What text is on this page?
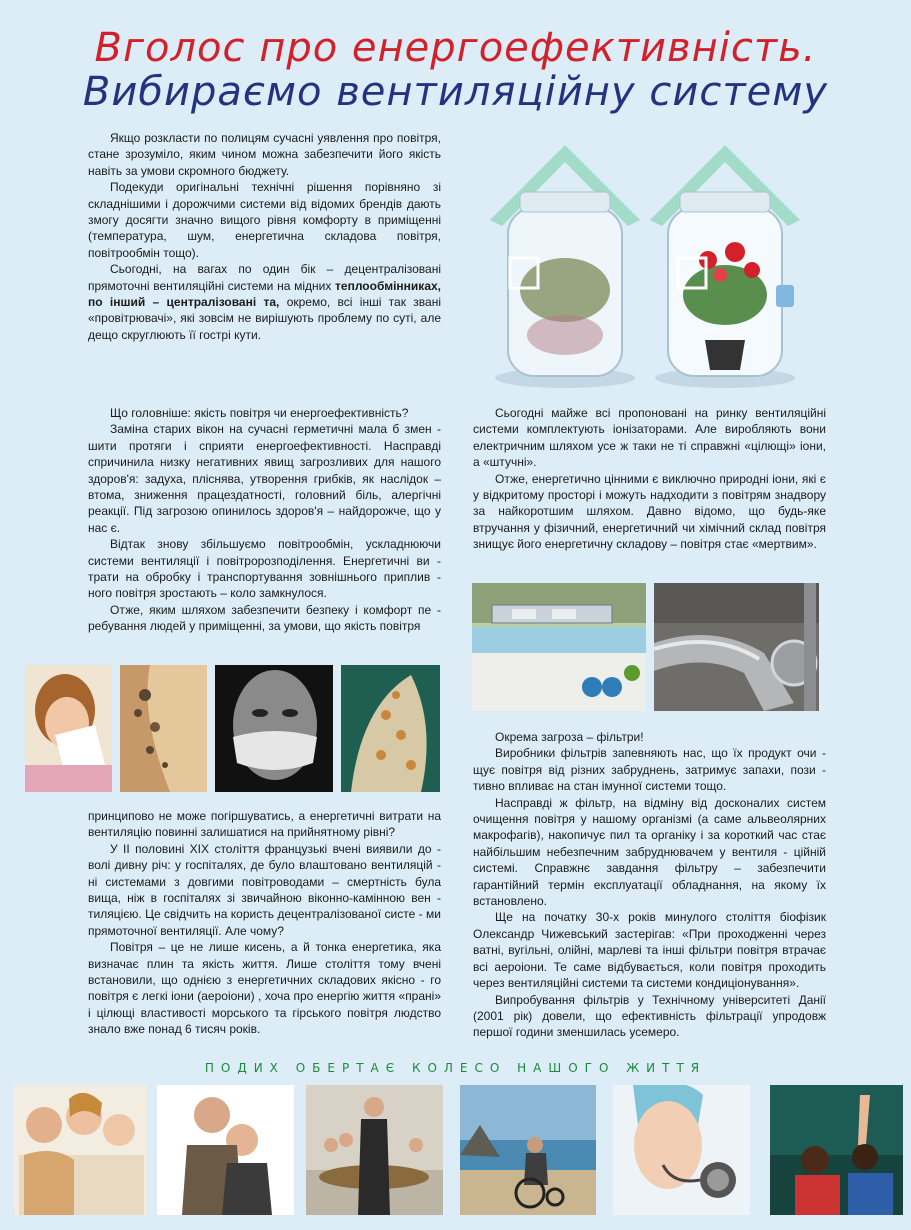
Вголос про енергоефективність.
Вибираємо вентиляційну систему

Якщо розкласти по полицям сучасні уявлення про повітря, стане зрозуміло, яким чином можна забезпечити його якість навіть за умови скромного бюджету.

Подекуди оригінальні технічні рішення порівняно зі складнішими і дорожчими системи від відомих брендів дають змогу досягти значно вищого рівня комфорту в приміщенні (температура, шум, енергетична складова повітря, повітрообмін тощо).

Сьогодні, на вагах по один бік – децентралізовані прямоточні вентиляційні системи на мідних теплообмінниках, по інший – централізовані та, окремо, всі інші так звані «провітрювачі», які зовсім не вирішують проблему по суті, але дещо скруглюють її гострі кути.

Що головніше: якість повітря чи енергоефективність?

Заміна старих вікон на сучасні герметичні мала б змен - шити протяги і сприяти енергоефективності. Насправді спричинила низку негативних явищ загрозливих для нашого здоров'я: задуха, пліснява, утворення грибків, як наслідок – втома, зниження працездатності, головний біль, алергічні реакції. Під загрозою опинилось здоров'я – найдорожче, що у нас є.

Відтак знову збільшуємо повітрообмін, ускладнюючи системи вентиляції і повітророзподілення. Енергетичні ви - трати на обробку і транспортування зовнішнього приплив - ного повітря зростають – коло замкнулося.

Отже, яким шляхом забезпечити безпеку і комфорт пе - ребування людей у приміщенні, за умови, що якість повітря

Сьогодні майже всі пропоновані на ринку вентиляційні системи комплектують іонізаторами. Але виробляють вони електричним шляхом усе ж таки не ті справжні «цілющі» іони, а «штучні».

Отже, енергетично цінними є виключно природні іони, які є у відкритому просторі і можуть надходити з повітрям знадвору за найкоротшим шляхом. Давно відомо, що будь-яке втручання у фізичний, енергетичний чи хімічний склад повітря знищує його енергетичну складову – повітря стає «мертвим».

принципово не може погіршуватись, а енергетичні витрати на вентиляцію повинні залишатися на прийнятному рівні?

У ІІ половині ХІХ століття французькі вчені виявили до - волі дивну річ: у госпіталях, де було влаштовано вентиляцій - ні системами з довгими повітроводами – смертність була вища, ніж в госпіталях зі звичайною віконно-камінною вен - тиляцією. Це свідчить на користь децентралізованої систе - ми прямоточної вентиляції. Але чому?

Повітря – це не лише кисень, а й тонка енергетика, яка визначає плин та якість життя. Лише століття тому вчені встановили, що однією з енергетичних складових якісно - го повітря є легкі іони (аероіони) , хоча про енергію життя «прані» і цілющі властивості морського та гірського повітря людство знало вже понад 6 тисяч років.

Окрема загроза – фільтри!

Виробники фільтрів запевняють нас, що їх продукт очи - щує повітря від різних забруднень, затримує запахи, пози - тивно впливає на стан імунної системи тощо.

Насправді ж фільтр, на відміну від досконалих систем очищення повітря у нашому організмі (а саме альвеолярних макрофагів), накопичує пил та органіку і за короткий час стає найбільшим небезпечним забруднювачем у вентиля - ційній системі. Справжнє завдання фільтру – забезпечити гарантійний термін експлуатації обладнання, на якому їх встановлено.

Ще на початку 30-х років минулого століття біофізик Олександр Чижевський застерігав: «При проходженні через ватні, вугільні, олійні, марлеві та інші фільтри повітря втрачає всі аероіони. Те саме відбувається, коли повітря проходить через вентиляційні системи та системи кондиціонування».

Випробування фільтрів у Технічному університеті Данії (2001 рік) довели, що ефективність фільтрації упродовж першої години зменшилась усемеро.

ПОДИХ ОБЕРТАЄ КОЛЕСО НАШОГО ЖИТТЯ
